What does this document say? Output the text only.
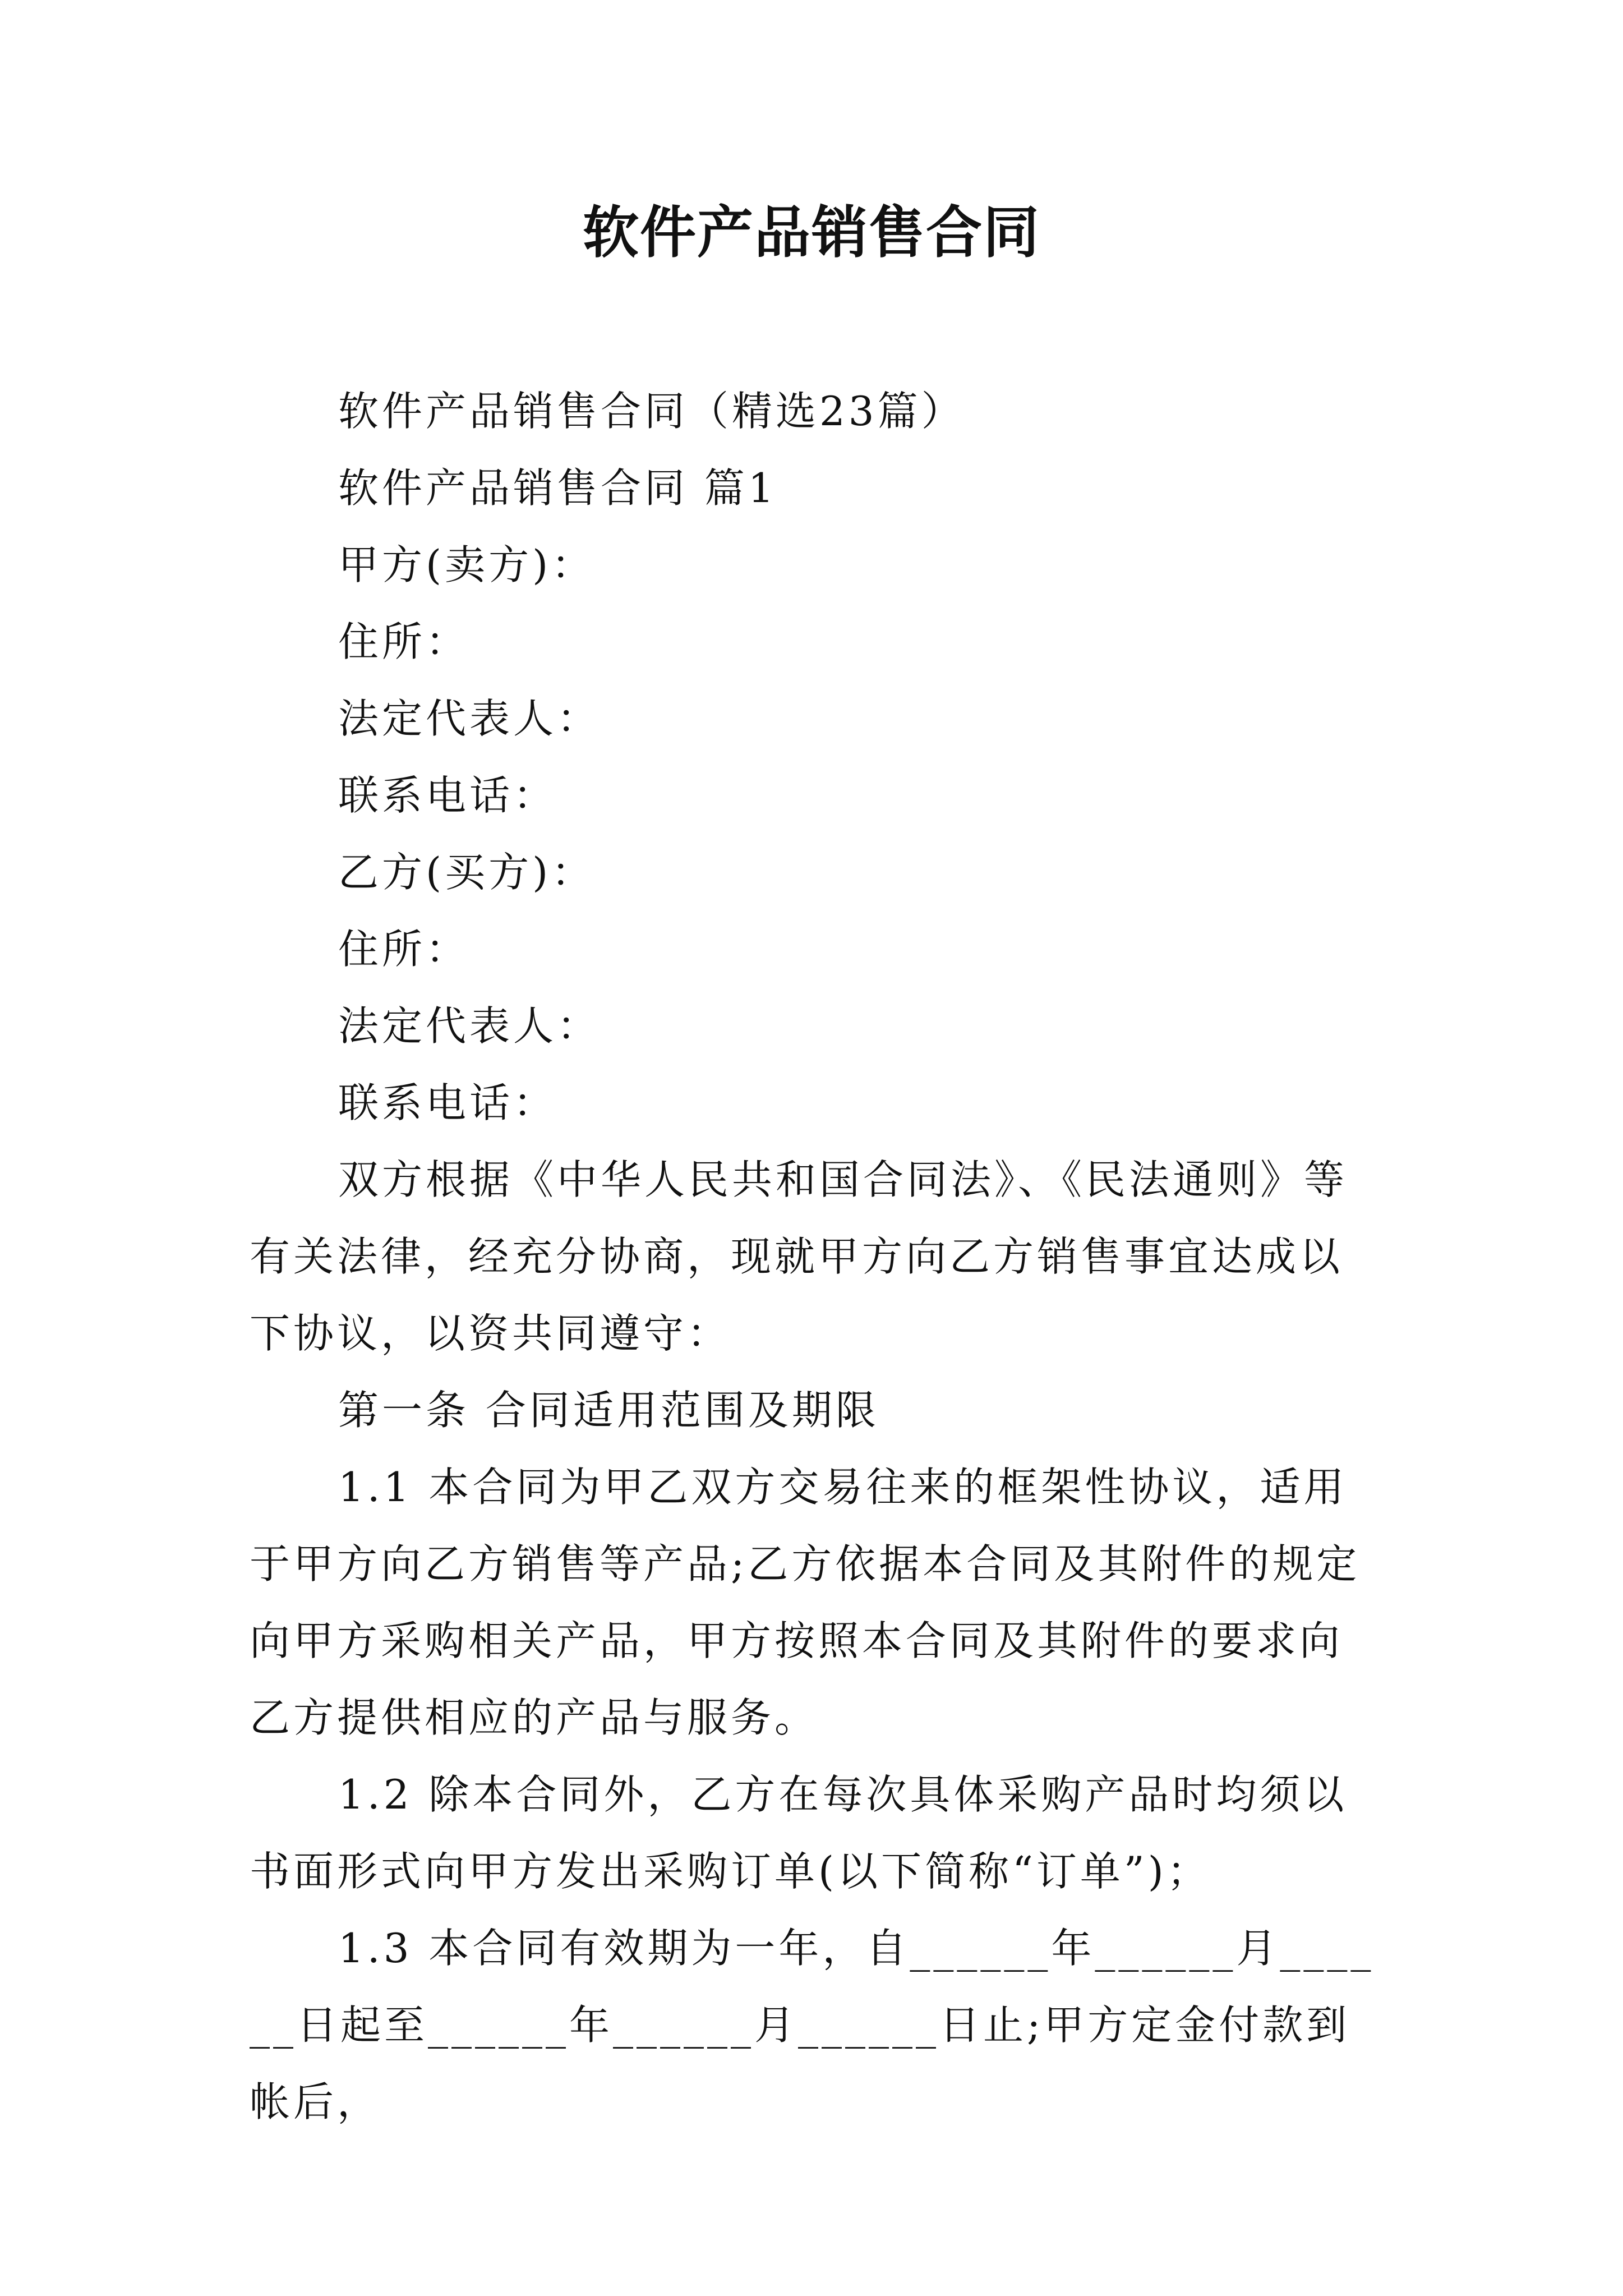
软件产品销售合同

软件产品销售合同（精选23篇）

软件产品销售合同 篇1

甲方(卖方)：

住所：

法定代表人：

联系电话：

乙方(买方)：

住所：

法定代表人：

联系电话：

双方根据《中华人民共和国合同法》、《民法通则》等有关法律，经充分协商，现就甲方向乙方销售事宜达成以下协议，以资共同遵守：

第一条 合同适用范围及期限

1.1 本合同为甲乙双方交易往来的框架性协议，适用于甲方向乙方销售等产品;乙方依据本合同及其附件的规定向甲方采购相关产品，甲方按照本合同及其附件的要求向乙方提供相应的产品与服务。

1.2 除本合同外，乙方在每次具体采购产品时均须以书面形式向甲方发出采购订单(以下简称“订单”)；

1.3 本合同有效期为一年，自______年______月______日起至______年______月______日止;甲方定金付款到帐后，
